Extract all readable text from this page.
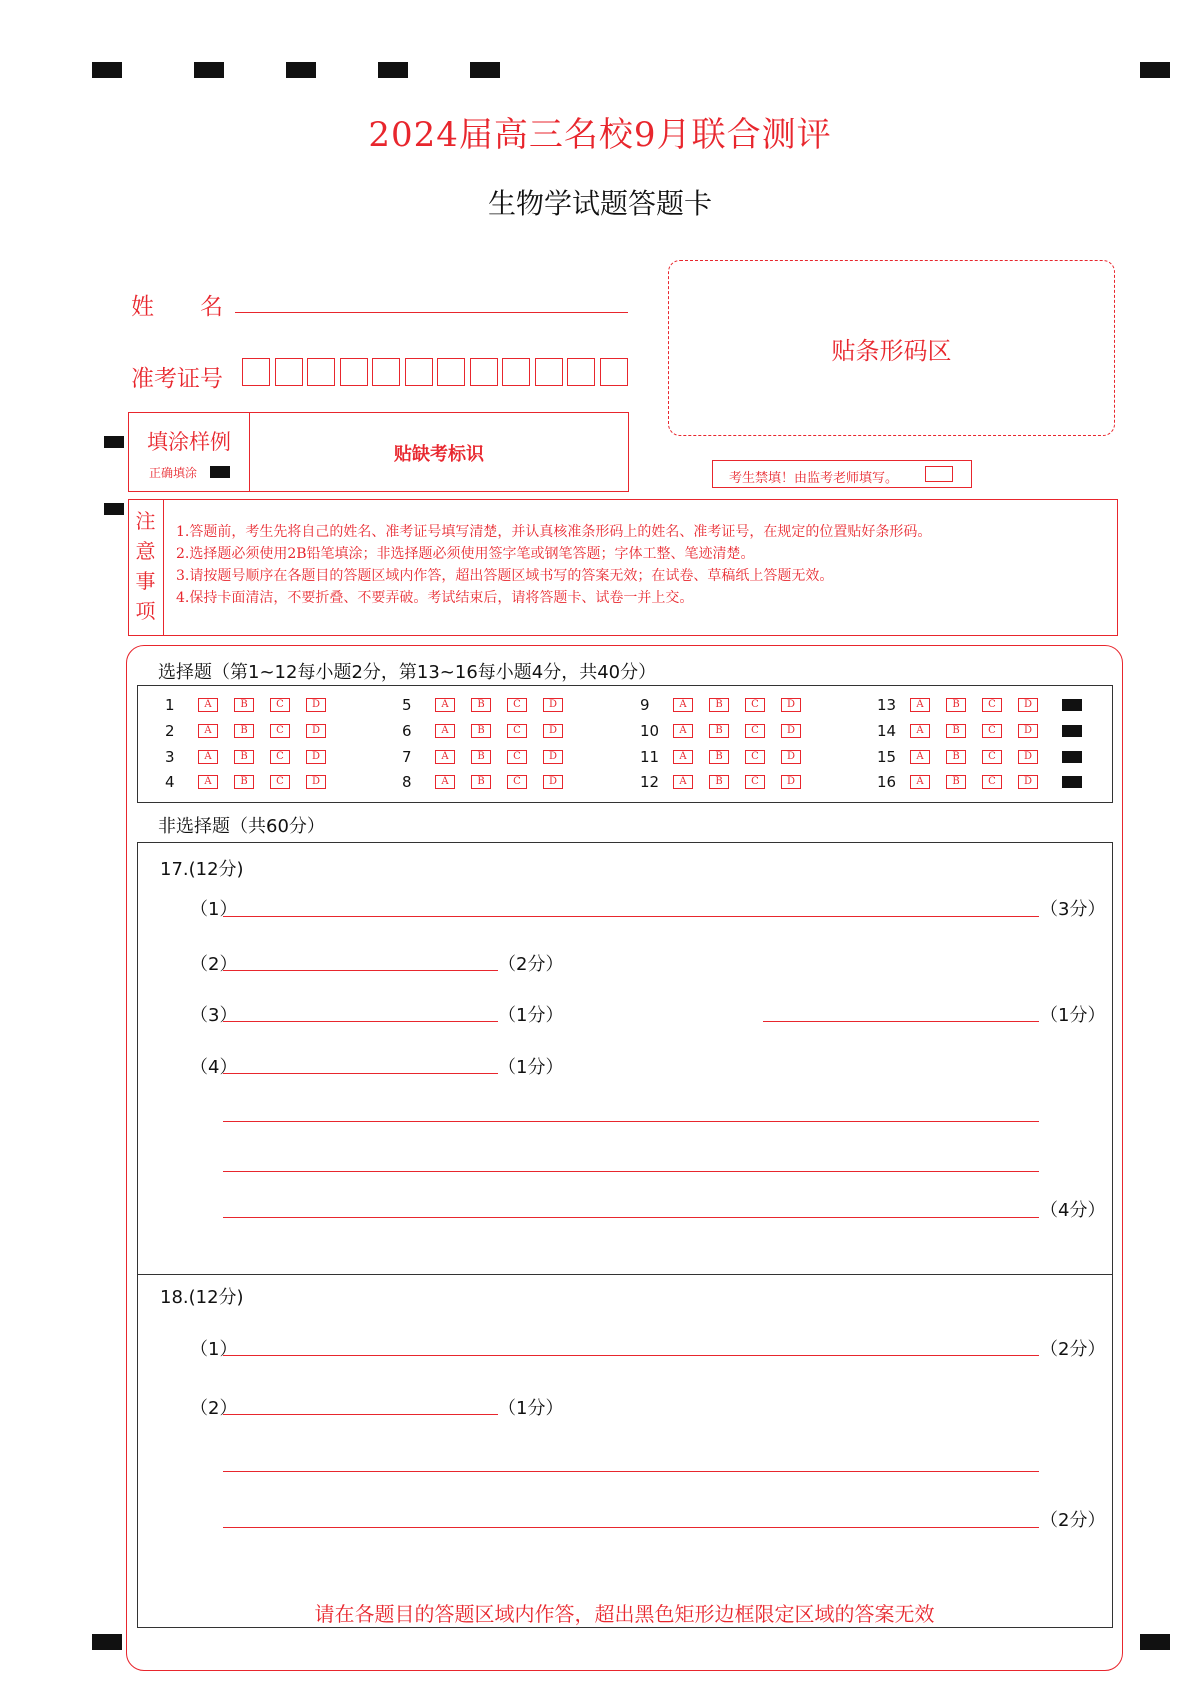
2024届高三名校9月联合测评
生物学试题答题卡
姓　　名
准考证号
贴条形码区
填涂样例
正确填涂
贴缺考标识
考生禁填！由监考老师填写。
注
意
事
项
1.答题前，考生先将自己的姓名、准考证号填写清楚，并认真核准条形码上的姓名、准考证号，在规定的位置贴好条形码。
2.选择题必须使用2B铅笔填涂；非选择题必须使用签字笔或钢笔答题；字体工整、笔迹清楚。
3.请按题号顺序在各题目的答题区域内作答，超出答题区域书写的答案无效；在试卷、草稿纸上答题无效。
4.保持卡面清洁，不要折叠、不要弄破。考试结束后，请将答题卡、试卷一并上交。
选择题（第1~12每小题2分，第13~16每小题4分，共40分）
1	A	B	C	D
2	A	B	C	D
3	A	B	C	D
4	A	B	C	D
5	A	B	C	D
6	A	B	C	D
7	A	B	C	D
8	A	B	C	D
9	A	B	C	D
10	A	B	C	D
11	A	B	C	D
12	A	B	C	D
13	A	B	C	D
14	A	B	C	D
15	A	B	C	D
16	A	B	C	D
非选择题（共60分）
17.(12分)
（1）	（3分）
（2）	（2分）
（3）	（1分）	（1分）
（4）	（1分）
（4分）
18.(12分)
（1）	（2分）
（2）	（1分）
（2分）
请在各题目的答题区域内作答，超出黑色矩形边框限定区域的答案无效
